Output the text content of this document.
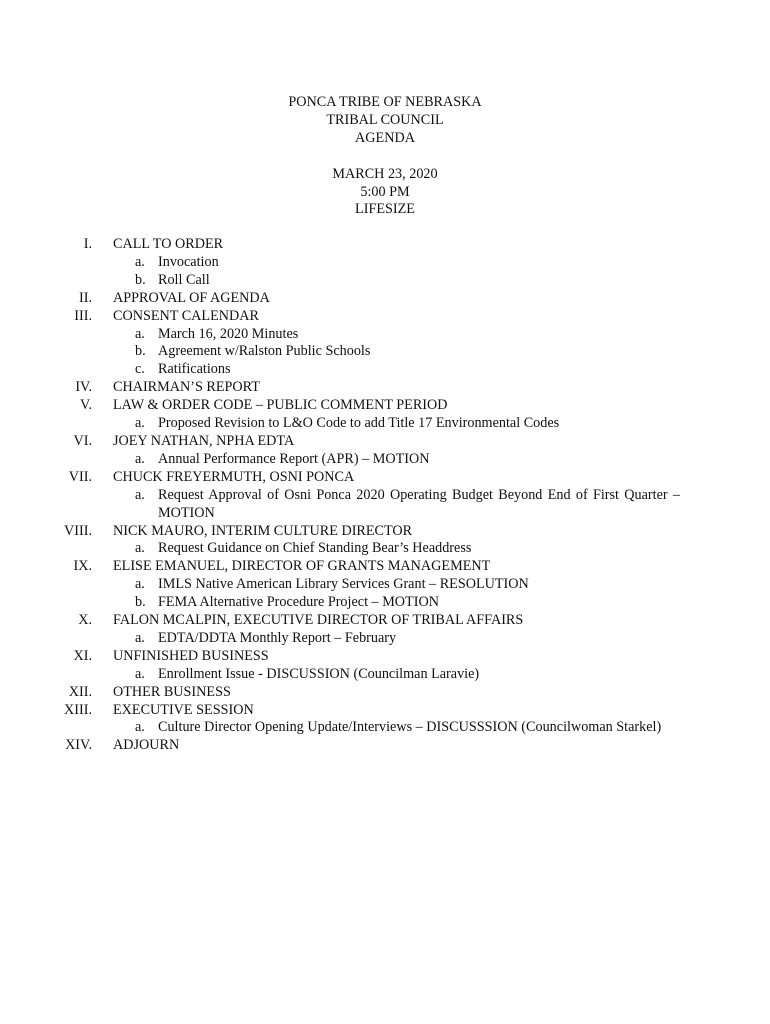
PONCA TRIBE OF NEBRASKA
TRIBAL COUNCIL
AGENDA
MARCH 23, 2020
5:00 PM
LIFESIZE
I. CALL TO ORDER
a. Invocation
b. Roll Call
II. APPROVAL OF AGENDA
III. CONSENT CALENDAR
a. March 16, 2020 Minutes
b. Agreement w/Ralston Public Schools
c. Ratifications
IV. CHAIRMAN’S REPORT
V. LAW & ORDER CODE – PUBLIC COMMENT PERIOD
a. Proposed Revision to L&O Code to add Title 17 Environmental Codes
VI. JOEY NATHAN, NPHA EDTA
a. Annual Performance Report (APR) – MOTION
VII. CHUCK FREYERMUTH, OSNI PONCA
a. Request Approval of Osni Ponca 2020 Operating Budget Beyond End of First Quarter – MOTION
VIII. NICK MAURO, INTERIM CULTURE DIRECTOR
a. Request Guidance on Chief Standing Bear’s Headdress
IX. ELISE EMANUEL, DIRECTOR OF GRANTS MANAGEMENT
a. IMLS Native American Library Services Grant – RESOLUTION
b. FEMA Alternative Procedure Project – MOTION
X. FALON MCALPIN, EXECUTIVE DIRECTOR OF TRIBAL AFFAIRS
a. EDTA/DDTA Monthly Report – February
XI. UNFINISHED BUSINESS
a. Enrollment Issue - DISCUSSION (Councilman Laravie)
XII. OTHER BUSINESS
XIII. EXECUTIVE SESSION
a. Culture Director Opening Update/Interviews – DISCUSSSION (Councilwoman Starkel)
XIV. ADJOURN
